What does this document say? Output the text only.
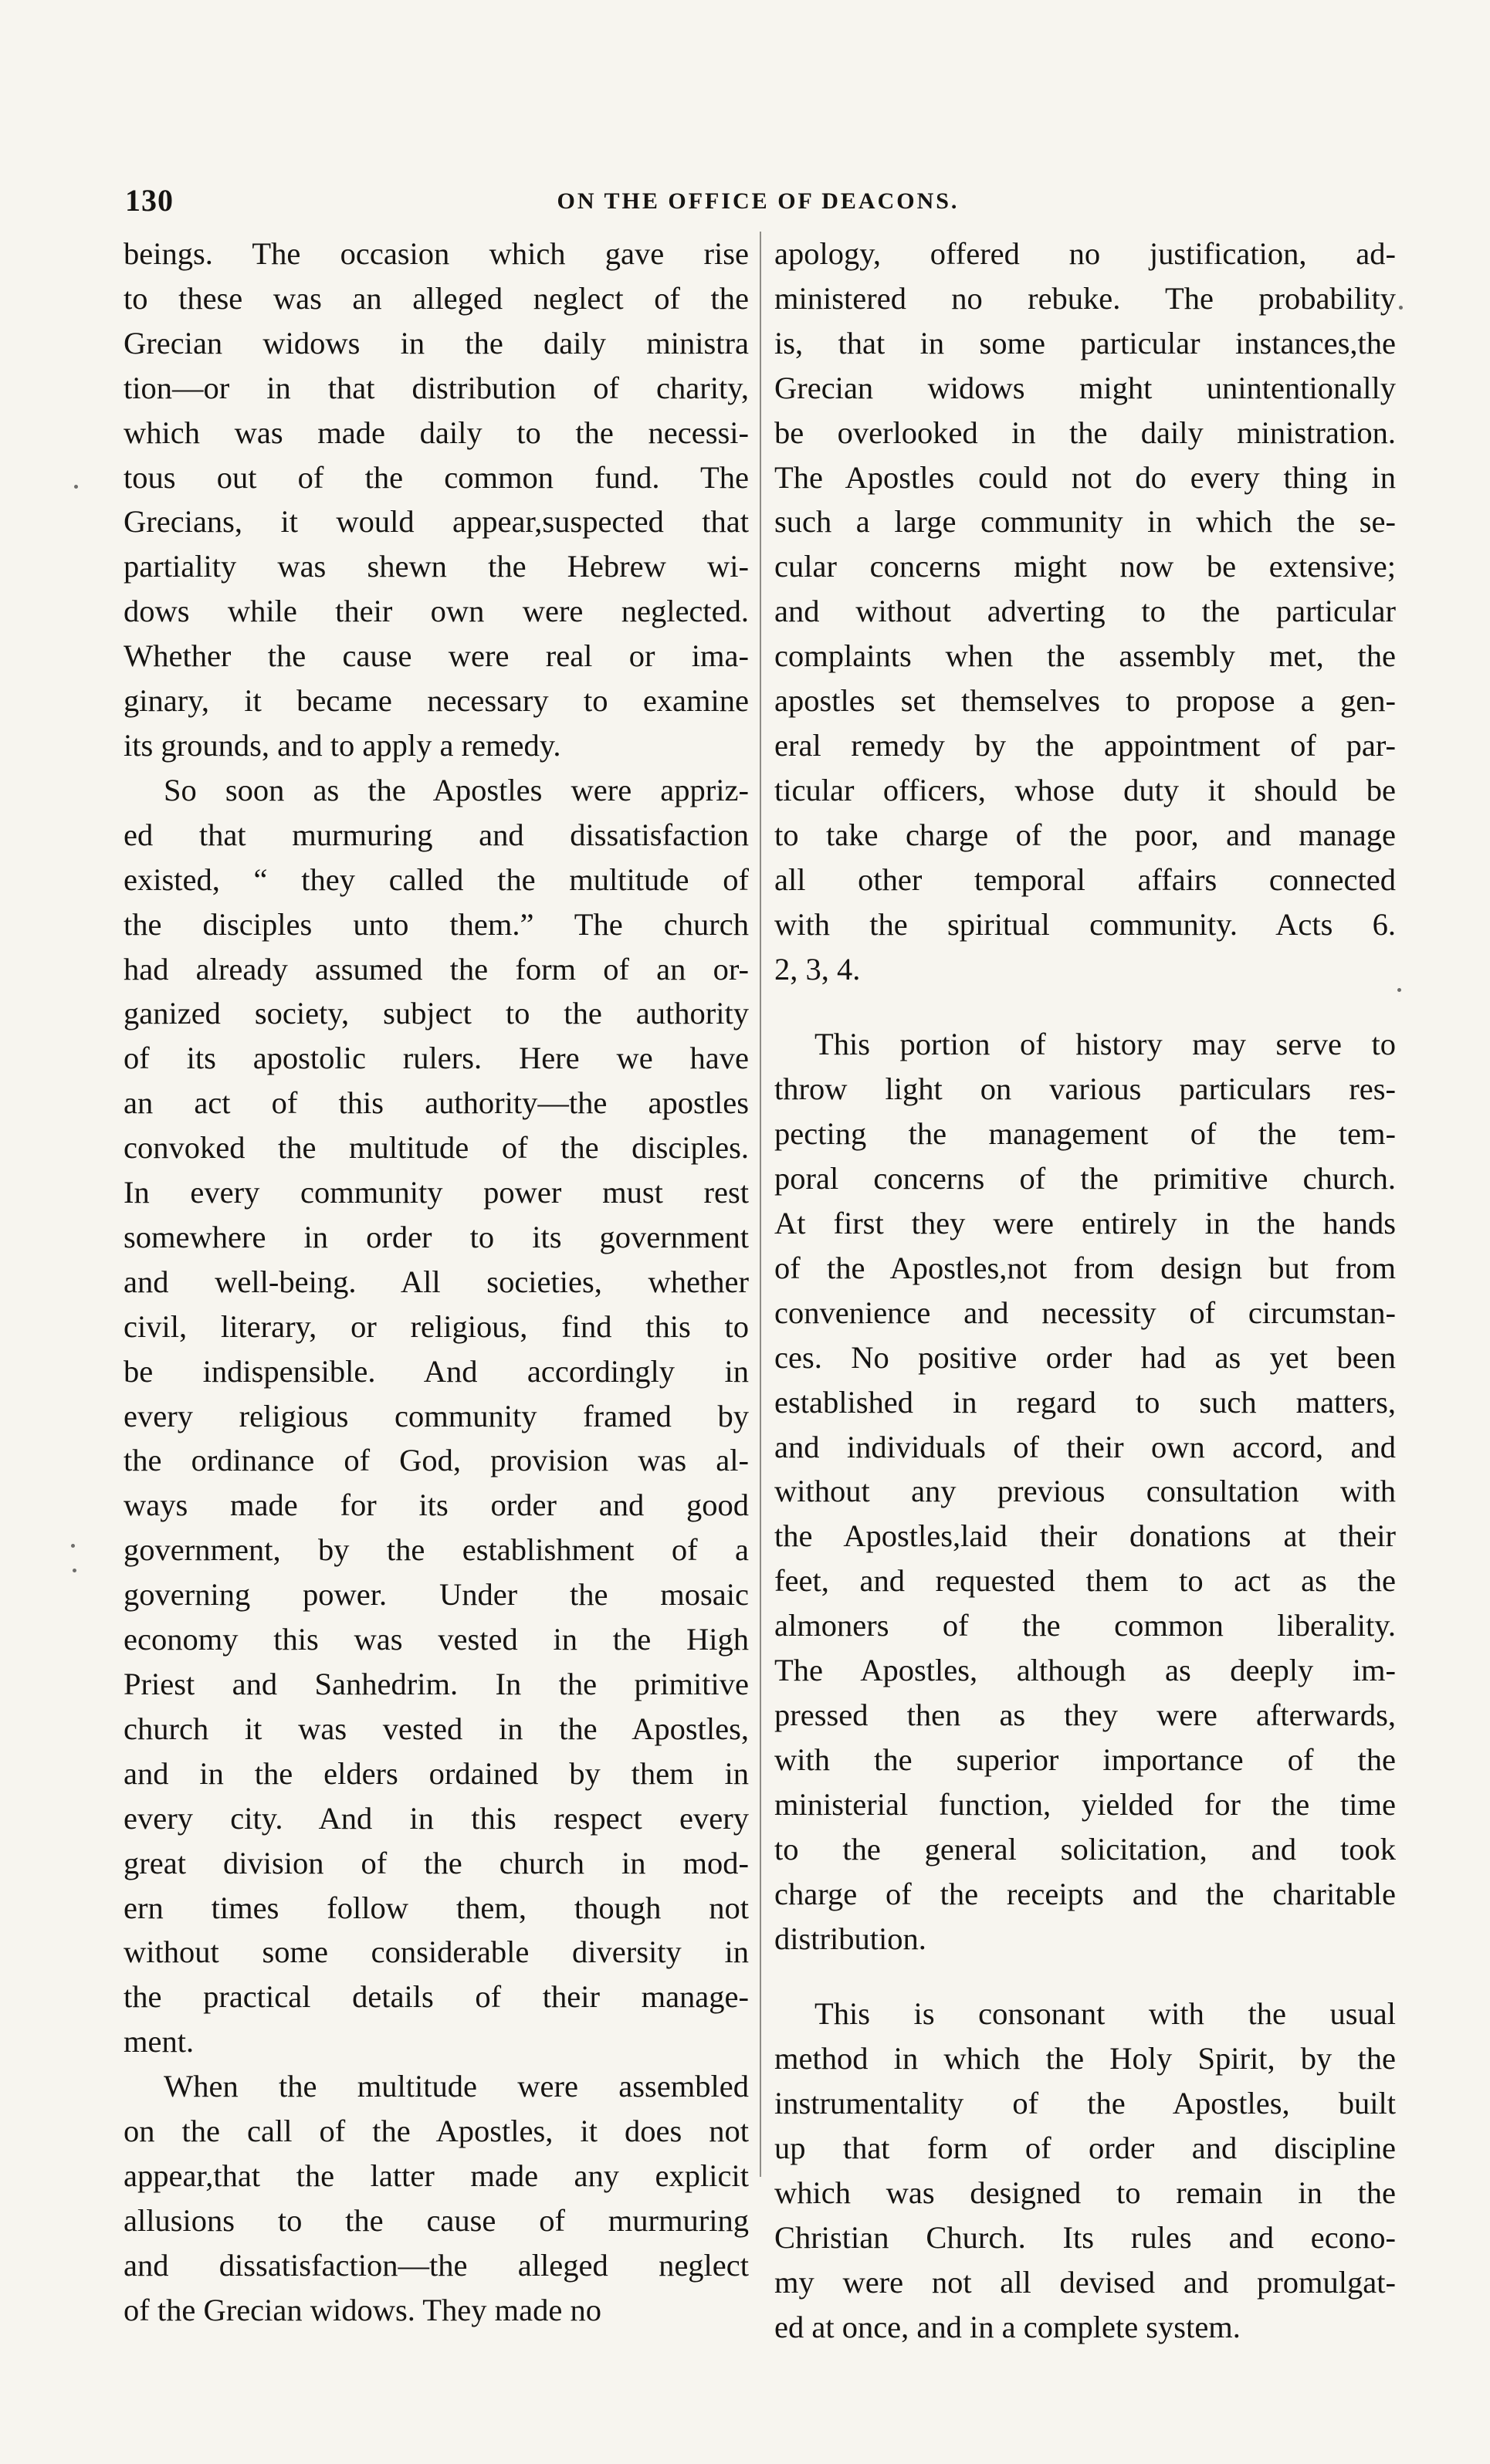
130	ON THE OFFICE OF DEACONS.
beings. The occasion which gave rise
to these was an alleged neglect of the
Grecian widows in the daily ministra
tion—or in that distribution of charity,
which was made daily to the necessi-
tous out of the common fund. The
Grecians, it would appear,suspected that
partiality was shewn the Hebrew wi-
dows while their own were neglected.
Whether the cause were real or ima-
ginary, it became necessary to examine
its grounds, and to apply a remedy.
So soon as the Apostles were appriz-
ed that murmuring and dissatisfaction
existed, “ they called the multitude of
the disciples unto them.” The church
had already assumed the form of an or-
ganized society, subject to the authority
of its apostolic rulers. Here we have
an act of this authority—the apostles
convoked the multitude of the disciples.
In every community power must rest
somewhere in order to its government
and well-being. All societies, whether
civil, literary, or religious, find this to
be indispensible. And accordingly in
every religious community framed by
the ordinance of God, provision was al-
ways made for its order and good
government, by the establishment of a
governing power. Under the mosaic
economy this was vested in the High
Priest and Sanhedrim. In the primitive
church it was vested in the Apostles,
and in the elders ordained by them in
every city. And in this respect every
great division of the church in mod-
ern times follow them, though not
without some considerable diversity in
the practical details of their manage-
ment.
When the multitude were assembled
on the call of the Apostles, it does not
appear,that the latter made any explicit
allusions to the cause of murmuring
and dissatisfaction—the alleged neglect
of the Grecian widows. They made no
apology, offered no justification, ad-
ministered no rebuke. The probability
is, that in some particular instances,the
Grecian widows might unintentionally
be overlooked in the daily ministration.
The Apostles could not do every thing in
such a large community in which the se-
cular concerns might now be extensive;
and without adverting to the particular
complaints when the assembly met, the
apostles set themselves to propose a gen-
eral remedy by the appointment of par-
ticular officers, whose duty it should be
to take charge of the poor, and manage
all other temporal affairs connected
with the spiritual community. Acts 6.
2, 3, 4.
This portion of history may serve to
throw light on various particulars res-
pecting the management of the tem-
poral concerns of the primitive church.
At first they were entirely in the hands
of the Apostles,not from design but from
convenience and necessity of circumstan-
ces. No positive order had as yet been
established in regard to such matters,
and individuals of their own accord, and
without any previous consultation with
the Apostles,laid their donations at their
feet, and requested them to act as the
almoners of the common liberality.
The Apostles, although as deeply im-
pressed then as they were afterwards,
with the superior importance of the
ministerial function, yielded for the time
to the general solicitation, and took
charge of the receipts and the charitable
distribution.
This is consonant with the usual
method in which the Holy Spirit, by the
instrumentality of the Apostles, built
up that form of order and discipline
which was designed to remain in the
Christian Church. Its rules and econo-
my were not all devised and promulgat-
ed at once, and in a complete system.
